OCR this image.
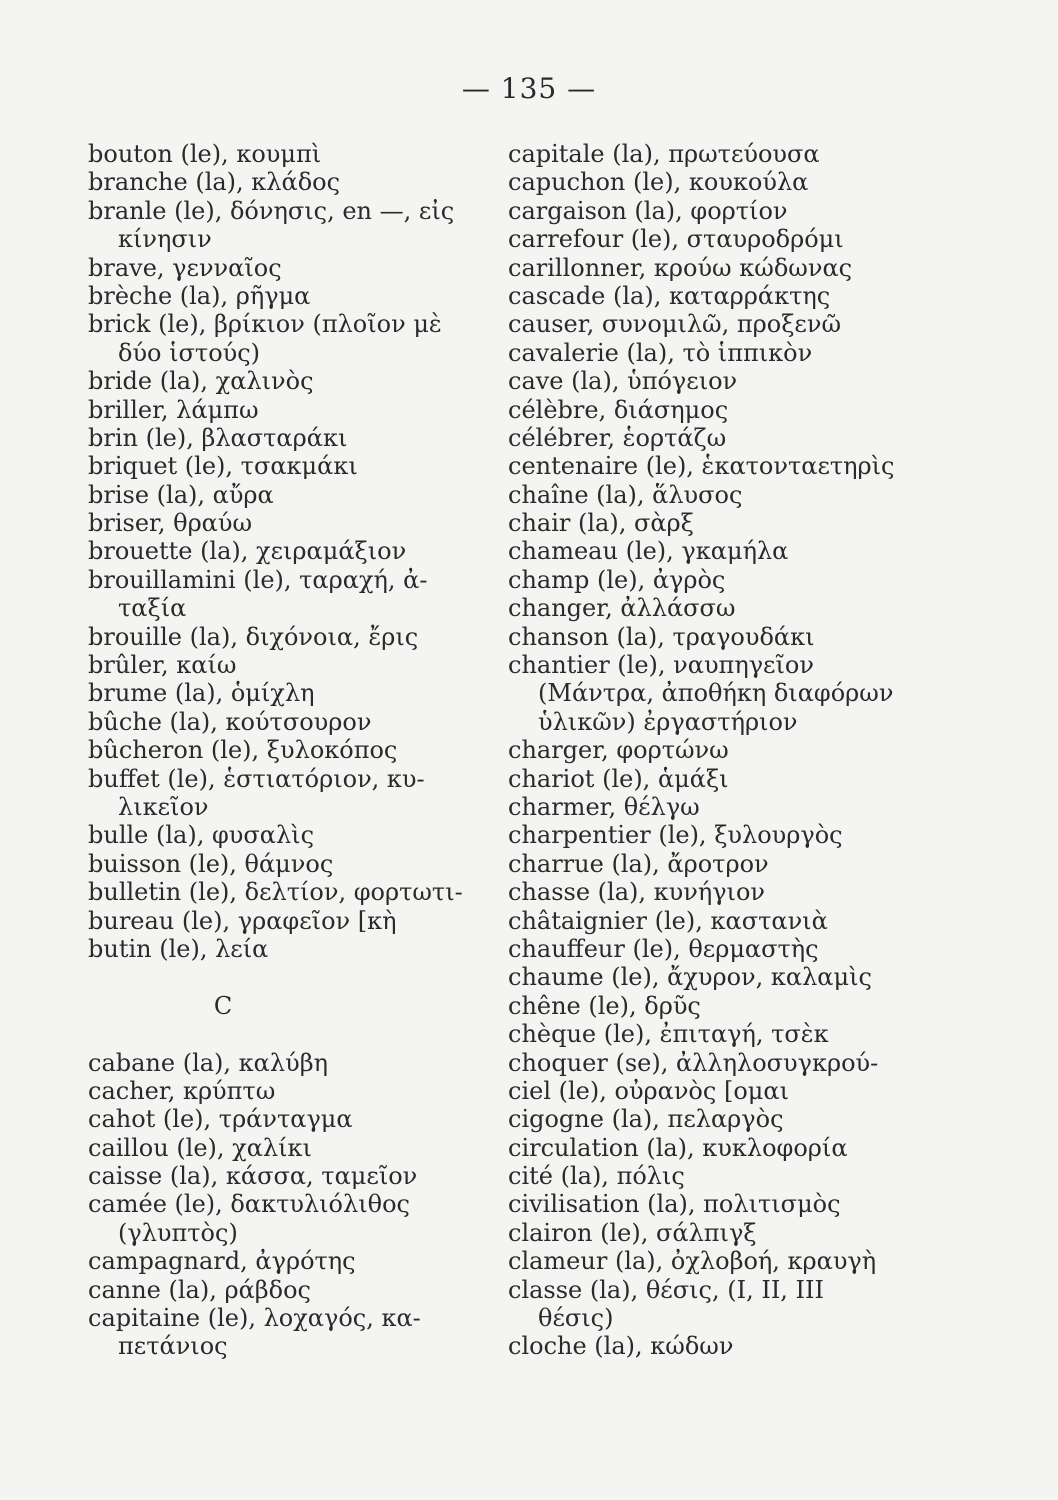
— 135 —
bouton (le), κουμπὶ
branche (la), κλάδος
branle (le), δόνησις, en —, εἰς
κίνησιν
brave, γενναῖος
brèche (la), ρῆγμα
brick (le), βρίκιον (πλοῖον μὲ
δύο ἱστούς)
bride (la), χαλινὸς
briller, λάμπω
brin (le), βλασταράκι
briquet (le), τσακμάκι
brise (la), αὔρα
briser, θραύω
brouette (la), χειραμάξιον
brouillamini (le), ταραχή, ἀ-
ταξία
brouille (la), διχόνοια, ἔρις
brûler, καίω
brume (la), ὁμίχλη
bûche (la), κούτσουρον
bûcheron (le), ξυλοκόπος
buffet (le), ἑστιατόριον, κυ-
λικεῖον
bulle (la), φυσαλὶς
buisson (le), θάμνος
bulletin (le), δελτίον, φορτωτι-
bureau (le), γραφεῖον [κὴ
butin (le), λεία
C
cabane (la), καλύβη
cacher, κρύπτω
cahot (le), τράνταγμα
caillou (le), χαλίκι
caisse (la), κάσσα, ταμεῖον
camée (le), δακτυλιόλιθος
(γλυπτὸς)
campagnard, ἀγρότης
canne (la), ράβδος
capitaine (le), λοχαγός, κα-
πετάνιος
capitale (la), πρωτεύουσα
capuchon (le), κουκούλα
cargaison (la), φορτίον
carrefour (le), σταυροδρόμι
carillonner, κρούω κώδωνας
cascade (la), καταρράκτης
causer, συνομιλῶ, προξενῶ
cavalerie (la), τὸ ἱππικὸν
cave (la), ὑπόγειον
célèbre, διάσημος
célébrer, ἑορτάζω
centenaire (le), ἑκατονταετηρὶς
chaîne (la), ἅλυσος
chair (la), σὰρξ
chameau (le), γκαμήλα
champ (le), ἀγρὸς
changer, ἀλλάσσω
chanson (la), τραγουδάκι
chantier (le), ναυπηγεῖον
(Μάντρα, ἀποθήκη διαφόρων
ὑλικῶν) ἐργαστήριον
charger, φορτώνω
chariot (le), ἁμάξι
charmer, θέλγω
charpentier (le), ξυλουργὸς
charrue (la), ἄροτρον
chasse (la), κυνήγιον
châtaignier (le), καστανιὰ
chauffeur (le), θερμαστὴς
chaume (le), ἄχυρον, καλαμὶς
chêne (le), δρῦς
chèque (le), ἐπιταγή, τσὲκ
choquer (se), ἀλληλοσυγκρού-
ciel (le), οὐρανὸς [ομαι
cigogne (la), πελαργὸς
circulation (la), κυκλοφορία
cité (la), πόλις
civilisation (la), πολιτισμὸς
clairon (le), σάλπιγξ
clameur (la), ὀχλοβοή, κραυγὴ
classe (la), θέσις, (I, II, III
θέσις)
cloche (la), κώδων
